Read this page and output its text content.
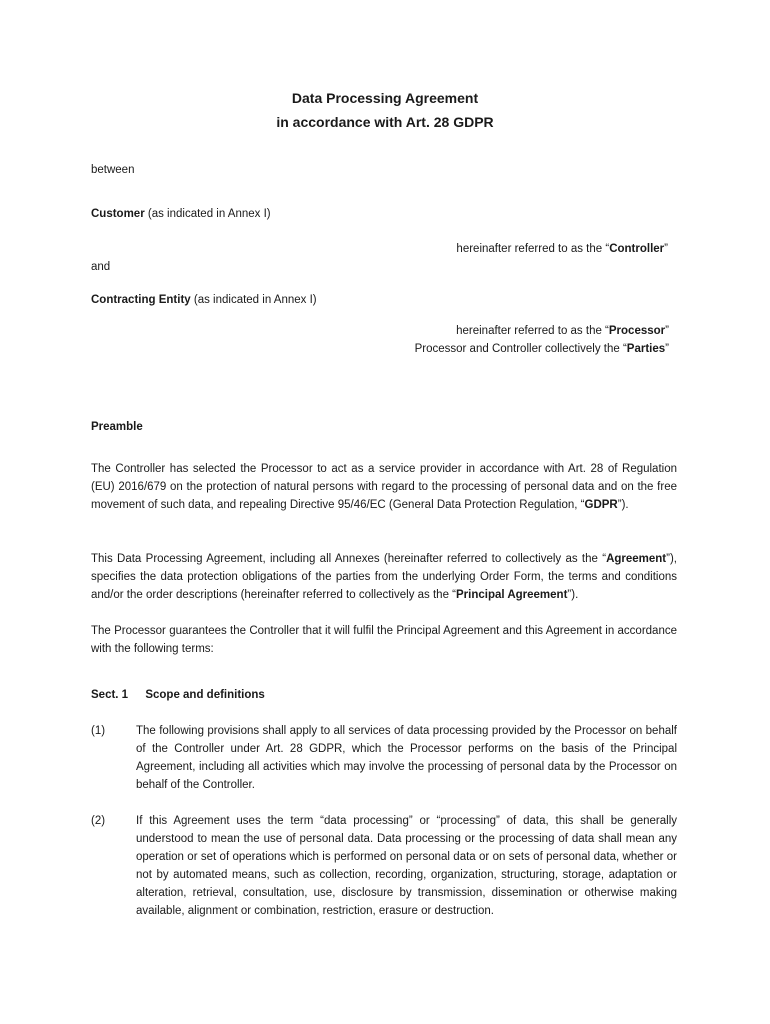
Data Processing Agreement
in accordance with Art. 28 GDPR
between
Customer (as indicated in Annex I)
hereinafter referred to as the “Controller”
and
Contracting Entity (as indicated in Annex I)
hereinafter referred to as the “Processor”
Processor and Controller collectively the “Parties”
Preamble
The Controller has selected the Processor to act as a service provider in accordance with Art. 28 of Regulation (EU) 2016/679 on the protection of natural persons with regard to the processing of personal data and on the free movement of such data, and repealing Directive 95/46/EC (General Data Protection Regulation, “GDPR”).
This Data Processing Agreement, including all Annexes (hereinafter referred to collectively as the “Agreement”), specifies the data protection obligations of the parties from the underlying Order Form, the terms and conditions and/or the order descriptions (hereinafter referred to collectively as the “Principal Agreement”).
The Processor guarantees the Controller that it will fulfil the Principal Agreement and this Agreement in accordance with the following terms:
Sect. 1  Scope and definitions
(1)	The following provisions shall apply to all services of data processing provided by the Processor on behalf of the Controller under Art. 28 GDPR, which the Processor performs on the basis of the Principal Agreement, including all activities which may involve the processing of personal data by the Processor on behalf of the Controller.
(2)	If this Agreement uses the term “data processing” or “processing” of data, this shall be generally understood to mean the use of personal data. Data processing or the processing of data shall mean any operation or set of operations which is performed on personal data or on sets of personal data, whether or not by automated means, such as collection, recording, organization, structuring, storage, adaptation or alteration, retrieval, consultation, use, disclosure by transmission, dissemination or otherwise making available, alignment or combination, restriction, erasure or destruction.
